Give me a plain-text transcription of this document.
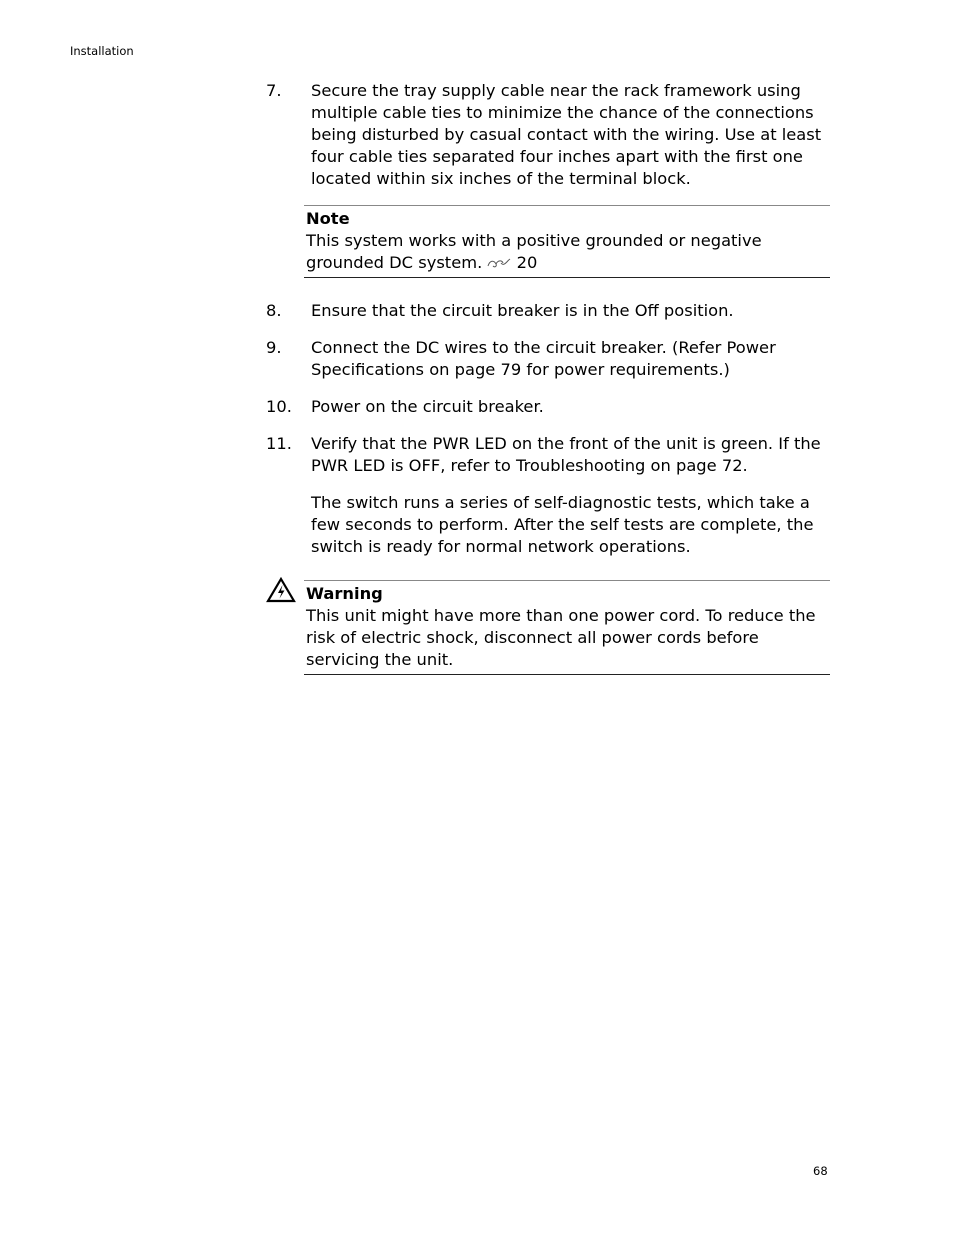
Installation
7.	Secure the tray supply cable near the rack framework using multiple cable ties to minimize the chance of the connections being disturbed by casual contact with the wiring. Use at least four cable ties separated four inches apart with the first one located within six inches of the terminal block.
Note
This system works with a positive grounded or negative grounded DC system. 20
8.	Ensure that the circuit breaker is in the Off position.
9.	Connect the DC wires to the circuit breaker. (Refer Power Specifications on page 79 for power requirements.)
10.	Power on the circuit breaker.
11.	Verify that the PWR LED on the front of the unit is green. If the PWR LED is OFF, refer to Troubleshooting on page 72.
The switch runs a series of self-diagnostic tests, which take a few seconds to perform. After the self tests are complete, the switch is ready for normal network operations.
Warning
This unit might have more than one power cord. To reduce the risk of electric shock, disconnect all power cords before servicing the unit.
68
